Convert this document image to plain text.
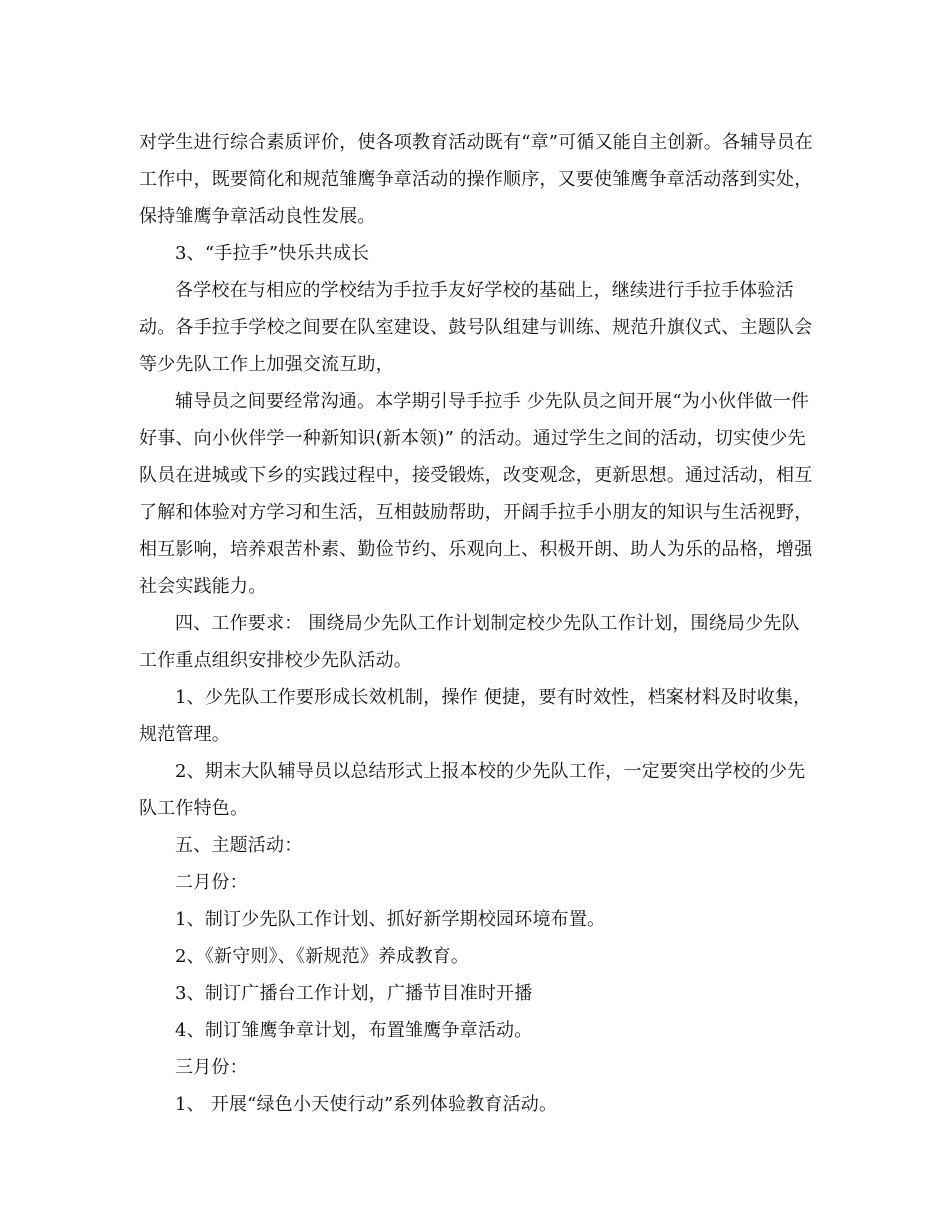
对学生进行综合素质评价，使各项教育活动既有“章”可循又能自主创新。各辅导员在工作中，既要简化和规范雏鹰争章活动的操作顺序，又要使雏鹰争章活动落到实处，保持雏鹰争章活动良性发展。

3、“手拉手”快乐共成长

各学校在与相应的学校结为手拉手友好学校的基础上，继续进行手拉手体验活动。各手拉手学校之间要在队室建设、鼓号队组建与训练、规范升旗仪式、主题队会等少先队工作上加强交流互助，

辅导员之间要经常沟通。本学期引导手拉手 少先队员之间开展“为小伙伴做一件好事、向小伙伴学一种新知识(新本领)” 的活动。通过学生之间的活动，切实使少先队员在进城或下乡的实践过程中，接受锻炼，改变观念，更新思想。通过活动，相互了解和体验对方学习和生活，互相鼓励帮助，开阔手拉手小朋友的知识与生活视野，相互影响，培养艰苦朴素、勤俭节约、乐观向上、积极开朗、助人为乐的品格，增强社会实践能力。

四、工作要求： 围绕局少先队工作计划制定校少先队工作计划，围绕局少先队工作重点组织安排校少先队活动。

1、少先队工作要形成长效机制，操作 便捷，要有时效性，档案材料及时收集，规范管理。

2、期末大队辅导员以总结形式上报本校的少先队工作，一定要突出学校的少先队工作特色。

五、主题活动：

二月份：

1、制订少先队工作计划、抓好新学期校园环境布置。

2、《新守则》、《新规范》养成教育。

3、制订广播台工作计划，广播节目准时开播

4、制订雏鹰争章计划，布置雏鹰争章活动。

三月份：

1、 开展“绿色小天使行动”系列体验教育活动。
